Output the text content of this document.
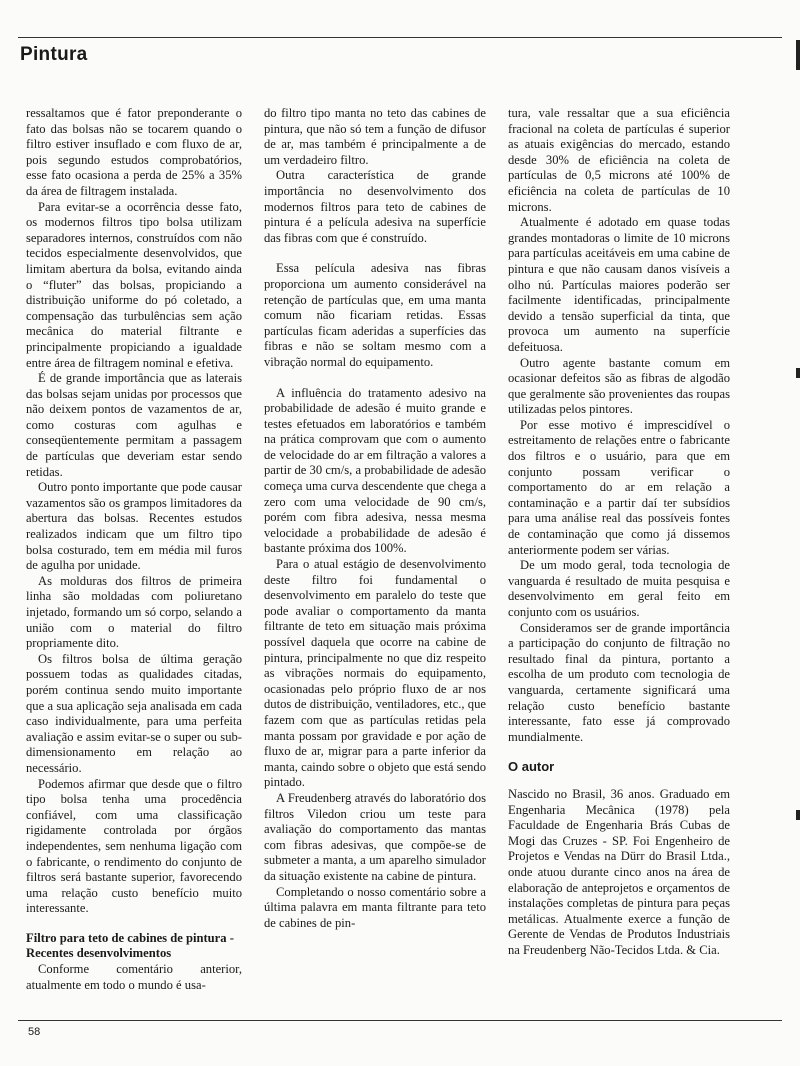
Pintura

ressaltamos que é fator preponderante o fato das bolsas não se tocarem quando o filtro estiver insuflado e com fluxo de ar, pois segundo estudos comprobatórios, esse fato ocasiona a perda de 25% a 35% da área de filtragem instalada.

Para evitar-se a ocorrência desse fato, os modernos filtros tipo bolsa utilizam separadores internos, construídos com não tecidos especialmente desenvolvidos, que limitam abertura da bolsa, evitando ainda o “fluter” das bolsas, propiciando a distribuição uniforme do pó coletado, a compensação das turbulências sem ação mecânica do material filtrante e principalmente propiciando a igualdade entre área de filtragem nominal e efetiva.

É de grande importância que as laterais das bolsas sejam unidas por processos que não deixem pontos de vazamentos de ar, como costuras com agulhas e conseqüentemente permitam a passagem de partículas que deveriam estar sendo retidas.

Outro ponto importante que pode causar vazamentos são os grampos limitadores da abertura das bolsas. Recentes estudos realizados indicam que um filtro tipo bolsa costurado, tem em média mil furos de agulha por unidade.

As molduras dos filtros de primeira linha são moldadas com poliuretano injetado, formando um só corpo, selando a união com o material do filtro propriamente dito.

Os filtros bolsa de última geração possuem todas as qualidades citadas, porém continua sendo muito importante que a sua aplicação seja analisada em cada caso individualmente, para uma perfeita avaliação e assim evitar-se o super ou sub-dimensionamento em relação ao necessário.

Podemos afirmar que desde que o filtro tipo bolsa tenha uma procedência confiável, com uma classificação rigidamente controlada por órgãos independentes, sem nenhuma ligação com o fabricante, o rendimento do conjunto de filtros será bastante superior, favorecendo uma relação custo benefício muito interessante.

Filtro para teto de cabines de pintura -
Recentes desenvolvimentos

Conforme comentário anterior, atualmente em todo o mundo é usa-

do filtro tipo manta no teto das cabines de pintura, que não só tem a função de difusor de ar, mas também é principalmente a de um verdadeiro filtro.

Outra característica de grande importância no desenvolvimento dos modernos filtros para teto de cabines de pintura é a película adesiva na superfície das fibras com que é construído.

Essa película adesiva nas fibras proporciona um aumento considerável na retenção de partículas que, em uma manta comum não ficariam retidas. Essas partículas ficam aderidas a superfícies das fibras e não se soltam mesmo com a vibração normal do equipamento.

A influência do tratamento adesivo na probabilidade de adesão é muito grande e testes efetuados em laboratórios e também na prática comprovam que com o aumento de velocidade do ar em filtração a valores a partir de 30 cm/s, a probabilidade de adesão começa uma curva descendente que chega a zero com uma velocidade de 90 cm/s, porém com fibra adesiva, nessa mesma velocidade a probabilidade de adesão é bastante próxima dos 100%.

Para o atual estágio de desenvolvimento deste filtro foi fundamental o desenvolvimento em paralelo do teste que pode avaliar o comportamento da manta filtrante de teto em situação mais próxima possível daquela que ocorre na cabine de pintura, principalmente no que diz respeito as vibrações normais do equipamento, ocasionadas pelo próprio fluxo de ar nos dutos de distribuição, ventiladores, etc., que fazem com que as partículas retidas pela manta possam por gravidade e por ação de fluxo de ar, migrar para a parte inferior da manta, caindo sobre o objeto que está sendo pintado.

A Freudenberg através do laboratório dos filtros Viledon criou um teste para avaliação do comportamento das mantas com fibras adesivas, que compõe-se de submeter a manta, a um aparelho simulador da situação existente na cabine de pintura.

Completando o nosso comentário sobre a última palavra em manta filtrante para teto de cabines de pin-

tura, vale ressaltar que a sua eficiência fracional na coleta de partículas é superior as atuais exigências do mercado, estando desde 30% de eficiência na coleta de partículas de 0,5 microns até 100% de eficiência na coleta de partículas de 10 microns.

Atualmente é adotado em quase todas grandes montadoras o limite de 10 microns para partículas aceitáveis em uma cabine de pintura e que não causam danos visíveis a olho nú. Partículas maiores poderão ser facilmente identificadas, principalmente devido a tensão superficial da tinta, que provoca um aumento na superfície defeituosa.

Outro agente bastante comum em ocasionar defeitos são as fibras de algodão que geralmente são provenientes das roupas utilizadas pelos pintores.

Por esse motivo é imprescidível o estreitamento de relações entre o fabricante dos filtros e o usuário, para que em conjunto possam verificar o comportamento do ar em relação a contaminação e a partir daí ter subsídios para uma análise real das possíveis fontes de contaminação que como já dissemos anteriormente podem ser várias.

De um modo geral, toda tecnologia de vanguarda é resultado de muita pesquisa e desenvolvimento em geral feito em conjunto com os usuários.

Consideramos ser de grande importância a participação do conjunto de filtração no resultado final da pintura, portanto a escolha de um produto com tecnologia de vanguarda, certamente significará uma relação custo benefício bastante interessante, fato esse já comprovado mundialmente.

O autor

Nascido no Brasil, 36 anos. Graduado em Engenharia Mecânica (1978) pela Faculdade de Engenharia Brás Cubas de Mogi das Cruzes - SP. Foi Engenheiro de Projetos e Vendas na Dürr do Brasil Ltda., onde atuou durante cinco anos na área de elaboração de anteprojetos e orçamentos de instalações completas de pintura para peças metálicas. Atualmente exerce a função de Gerente de Vendas de Produtos Industriais na Freudenberg Não-Tecidos Ltda. & Cia.

58
